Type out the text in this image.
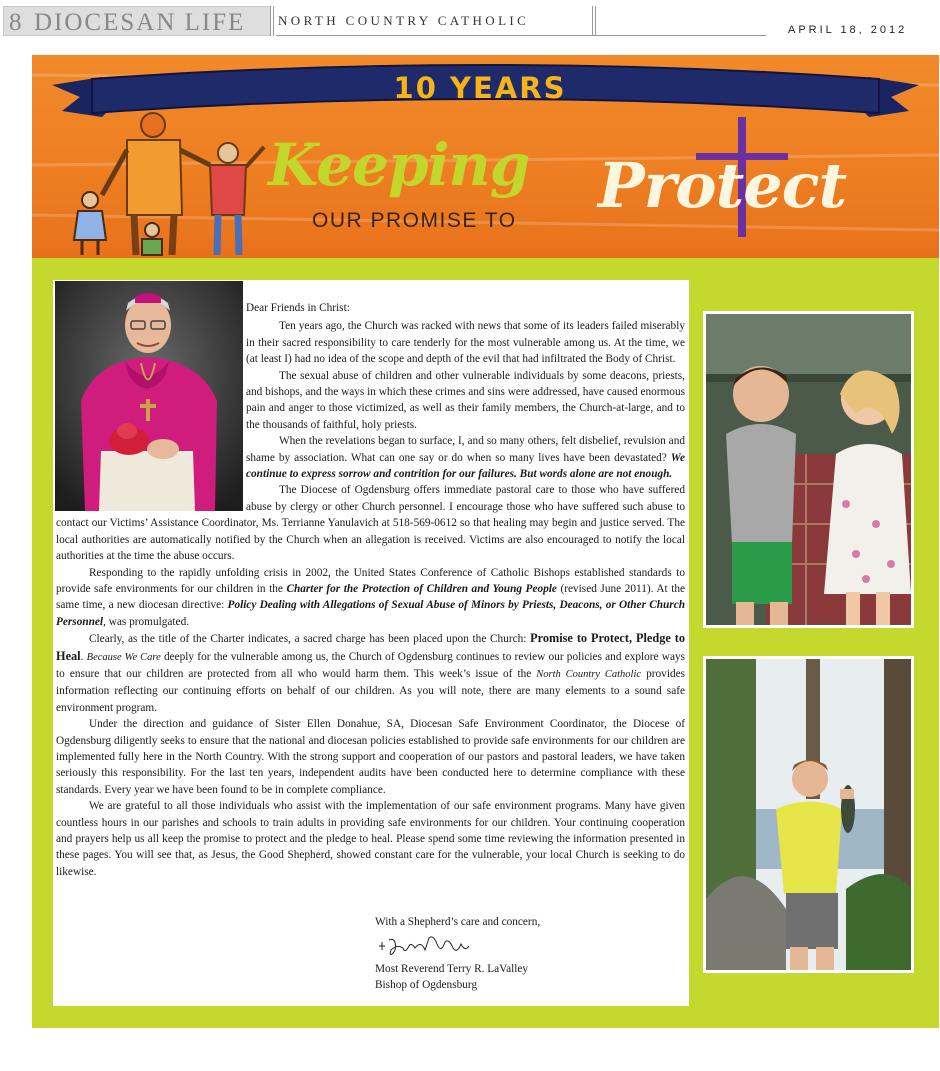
8 DIOCESAN LIFE	NORTH COUNTRY CATHOLIC
APRIL 18, 2012
10 YEARS
Keeping
OUR PROMISE TO Protect

Dear Friends in Christ:

Ten years ago, the Church was racked with news that some of its leaders failed miserably in their sacred responsibility to care tenderly for the most vulnerable among us. At the time, we (at least I) had no idea of the scope and depth of the evil that had infiltrated the Body of Christ.

The sexual abuse of children and other vulnerable individuals by some deacons, priests, and bishops, and the ways in which these crimes and sins were addressed, have caused enormous pain and anger to those victimized, as well as their family members, the Church-at-large, and to the thousands of faithful, holy priests.

When the revelations began to surface, I, and so many others, felt disbelief, revulsion and shame by association. What can one say or do when so many lives have been devastated? We continue to express sorrow and contrition for our failures. But words alone are not enough.

The Diocese of Ogdensburg offers immediate pastoral care to those who have suffered abuse by clergy or other Church personnel. I encourage those who have suffered such abuse to contact our Victims’ Assistance Coordinator, Ms. Terrianne Yanulavich at 518-569-0612 so that healing may begin and justice served. The local authorities are automatically notified by the Church when an allegation is received. Victims are also encouraged to notify the local authorities at the time the abuse occurs.

Responding to the rapidly unfolding crisis in 2002, the United States Conference of Catholic Bishops established standards to provide safe environments for our children in the Charter for the Protection of Children and Young People (revised June 2011). At the same time, a new diocesan directive: Policy Dealing with Allegations of Sexual Abuse of Minors by Priests, Deacons, or Other Church Personnel, was promulgated.

Clearly, as the title of the Charter indicates, a sacred charge has been placed upon the Church: Promise to Protect, Pledge to Heal. Because We Care deeply for the vulnerable among us, the Church of Ogdensburg continues to review our policies and explore ways to ensure that our children are protected from all who would harm them. This week’s issue of the North Country Catholic provides information reflecting our continuing efforts on behalf of our children. As you will note, there are many elements to a sound safe environment program.

Under the direction and guidance of Sister Ellen Donahue, SA, Diocesan Safe Environment Coordinator, the Diocese of Ogdensburg diligently seeks to ensure that the national and diocesan policies established to provide safe environments for our children are implemented fully here in the North Country. With the strong support and cooperation of our pastors and pastoral leaders, we have taken seriously this responsibility. For the last ten years, independent audits have been conducted here to determine compliance with these standards. Every year we have been found to be in complete compliance.

We are grateful to all those individuals who assist with the implementation of our safe environment programs. Many have given countless hours in our parishes and schools to train adults in providing safe environments for our children. Your continuing cooperation and prayers help us all keep the promise to protect and the pledge to heal. Please spend some time reviewing the information presented in these pages. You will see that, as Jesus, the Good Shepherd, showed constant care for the vulnerable, your local Church is seeking to do likewise.

With a Shepherd’s care and concern,

Most Reverend Terry R. LaValley
Bishop of Ogdensburg
